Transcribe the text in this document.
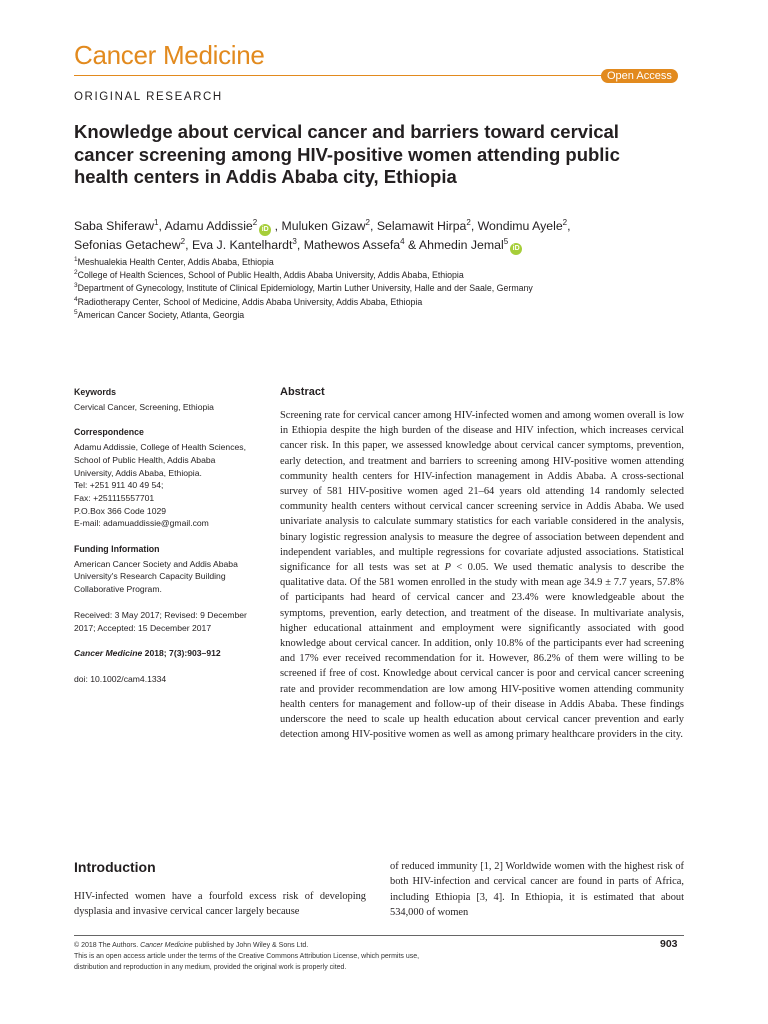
Cancer Medicine
Open Access
ORIGINAL RESEARCH
Knowledge about cervical cancer and barriers toward cervical cancer screening among HIV-positive women attending public health centers in Addis Ababa city, Ethiopia
Saba Shiferaw$^1$, Adamu Addissie$^2$iD , Muluken Gizaw$^2$, Selamawit Hirpa$^2$, Wondimu Ayele$^2$,
Sefonias Getachew$^2$, Eva J. Kantelhardt$^3$, Mathewos Assefa$^4$ & Ahmedin Jemal$^5$iD
$^1$Meshualekia Health Center, Addis Ababa, Ethiopia
$^2$College of Health Sciences, School of Public Health, Addis Ababa University, Addis Ababa, Ethiopia
$^3$Department of Gynecology, Institute of Clinical Epidemiology, Martin Luther University, Halle and der Saale, Germany
$^4$Radiotherapy Center, School of Medicine, Addis Ababa University, Addis Ababa, Ethiopia
$^5$American Cancer Society, Atlanta, Georgia
Keywords
Cervical Cancer, Screening, Ethiopia
Correspondence
Adamu Addissie, College of Health Sciences,
School of Public Health, Addis Ababa
University, Addis Ababa, Ethiopia.
Tel: +251 911 40 49 54;
Fax: +251115557701
P.O.Box 366 Code 1029
E-mail: adamuaddissie@gmail.com
Funding Information
American Cancer Society and Addis Ababa
University's Research Capacity Building
Collaborative Program.
Received: 3 May 2017; Revised: 9 December
2017; Accepted: 15 December 2017
Cancer Medicine 2018; 7(3):903–912
doi: 10.1002/cam4.1334
Abstract
Screening rate for cervical cancer among HIV-infected women and among women overall is low in Ethiopia despite the high burden of the disease and HIV infection, which increases cervical cancer risk. In this paper, we assessed knowledge about cervical cancer symptoms, prevention, early detection, and treatment and barriers to screening among HIV-positive women attending community health centers for HIV-infection management in Addis Ababa. A cross-sectional survey of 581 HIV-positive women aged 21–64 years old attending 14 randomly selected community health centers without cervical cancer screening service in Addis Ababa. We used univariate analysis to calculate summary statistics for each variable considered in the analysis, binary logistic regression analysis to measure the degree of association between dependent and independent variables, and multiple regressions for covariate adjusted associations. Statistical significance for all tests was set at P < 0.05. We used thematic analysis to describe the qualitative data. Of the 581 women enrolled in the study with mean age 34.9 ± 7.7 years, 57.8% of participants had heard of cervical cancer and 23.4% were knowledgeable about the symptoms, prevention, early detection, and treatment of the disease. In multivariate analysis, higher educational attainment and employment were significantly associated with good knowledge about cervical cancer. In addition, only 10.8% of the participants ever had screening and 17% ever received recommendation for it. However, 86.2% of them were willing to be screened if free of cost. Knowledge about cervical cancer is poor and cervical cancer screening rate and provider recommendation are low among HIV-positive women attending community health centers for management and follow-up of their disease in Addis Ababa. These findings underscore the need to scale up health education about cervical cancer prevention and early detection among HIV-positive women as well as among primary healthcare providers in the city.
Introduction
HIV-infected women have a fourfold excess risk of developing dysplasia and invasive cervical cancer largely because
of reduced immunity [1, 2] Worldwide women with the highest risk of both HIV-infection and cervical cancer are found in parts of Africa, including Ethiopia [3, 4]. In Ethiopia, it is estimated that about 534,000 of women
© 2018 The Authors. Cancer Medicine published by John Wiley & Sons Ltd.
This is an open access article under the terms of the Creative Commons Attribution License, which permits use,
distribution and reproduction in any medium, provided the original work is properly cited.
903
